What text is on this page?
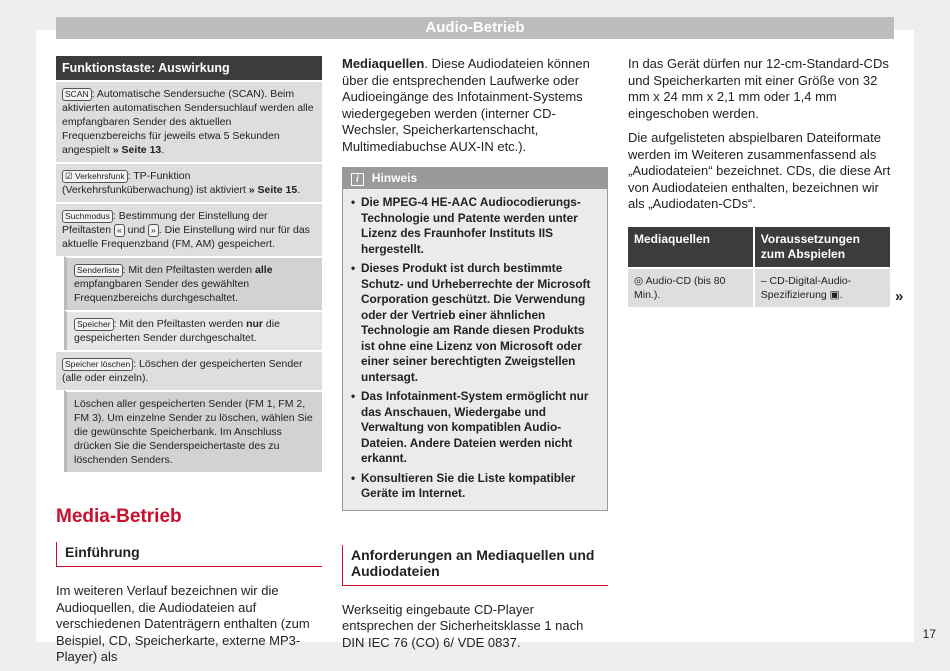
Audio-Betrieb
Funktionstaste: Auswirkung
SCAN : Automatische Sendersuche (SCAN). Beim aktivierten automatischen Sendersuchlauf werden alle empfangbaren Sender des aktuellen Frequenzbereichs für jeweils etwa 5 Sekunden angespielt » Seite 13.
☑ Verkehrsfunk : TP-Funktion (Verkehrsfunküberwachung) ist aktiviert » Seite 15.
Suchmodus : Bestimmung der Einstellung der Pfeiltasten « und » . Die Einstellung wird nur für das aktuelle Frequenzband (FM, AM) gespeichert.
Senderliste : Mit den Pfeiltasten werden alle empfangbaren Sender des gewählten Frequenzbereichs durchgeschaltet.
Speicher : Mit den Pfeiltasten werden nur die gespeicherten Sender durchgeschaltet.
Speicher löschen : Löschen der gespeicherten Sender (alle oder einzeln).
Löschen aller gespeicherten Sender (FM 1, FM 2, FM 3). Um einzelne Sender zu löschen, wählen Sie die gewünschte Speicherbank. Im Anschluss drücken Sie die Senderspeichertaste des zu löschenden Senders.
Media-Betrieb
Einführung
Im weiteren Verlauf bezeichnen wir die Audioquellen, die Audiodateien auf verschiedenen Datenträgern enthalten (zum Beispiel, CD, Speicherkarte, externe MP3-Player) als
Mediaquellen. Diese Audiodateien können über die entsprechenden Laufwerke oder Audioeingänge des Infotainment-Systems wiedergegeben werden (interner CD-Wechsler, Speicherkartenschacht, Multimediabuchse AUX-IN etc.).
i Hinweis
• Die MPEG-4 HE-AAC Audiocodierungs-Technologie und Patente werden unter Lizenz des Fraunhofer Instituts IIS hergestellt.
• Dieses Produkt ist durch bestimmte Schutz- und Urheberrechte der Microsoft Corporation geschützt. Die Verwendung oder der Vertrieb einer ähnlichen Technologie am Rande diesen Produkts ist ohne eine Lizenz von Microsoft oder einer seiner berechtigten Zweigstellen untersagt.
• Das Infotainment-System ermöglicht nur das Anschauen, Wiedergabe und Verwaltung von kompatiblen Audio-Dateien. Andere Dateien werden nicht erkannt.
• Konsultieren Sie die Liste kompatibler Geräte im Internet.
Anforderungen an Mediaquellen und Audiodateien
Werkseitig eingebaute CD-Player entsprechen der Sicherheitsklasse 1 nach DIN IEC 76 (CO) 6/ VDE 0837.
In das Gerät dürfen nur 12-cm-Standard-CDs und Speicherkarten mit einer Größe von 32 mm x 24 mm x 2,1 mm oder 1,4 mm eingeschoben werden.
Die aufgelisteten abspielbaren Dateiformate werden im Weiteren zusammenfassend als „Audiodateien“ bezeichnet. CDs, die diese Art von Audiodateien enthalten, bezeichnen wir als „Audiodaten-CDs“.
Mediaquellen	Voraussetzungen zum Abspielen
◎ Audio-CD (bis 80 Min.).	– CD-Digital-Audio-Spezifizierung ▣.	»
17
